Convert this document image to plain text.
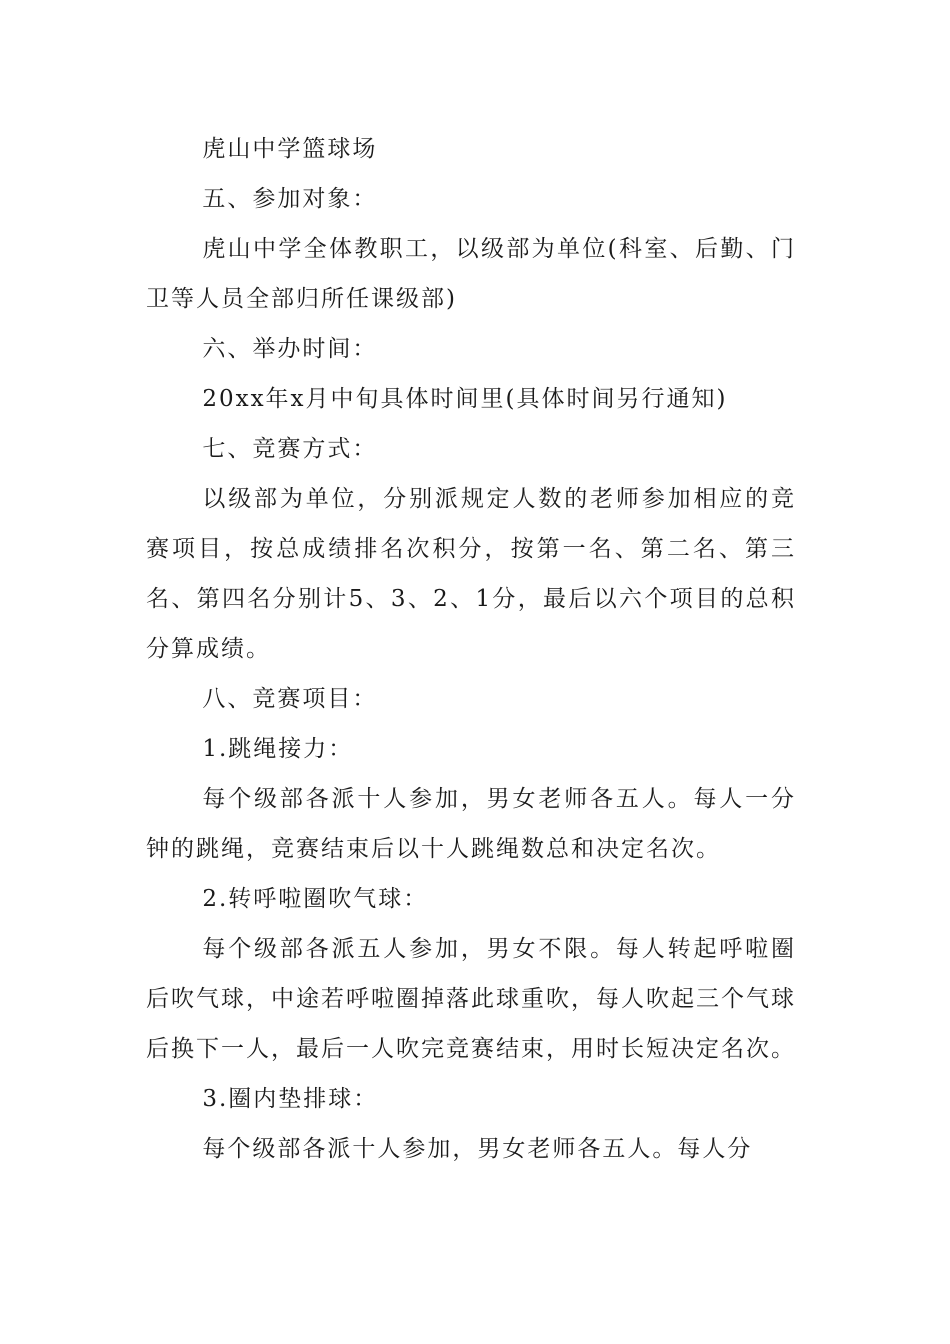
虎山中学篮球场

五、参加对象：

虎山中学全体教职工，以级部为单位(科室、后勤、门卫等人员全部归所任课级部)

六、举办时间：

20xx年x月中旬具体时间里(具体时间另行通知)

七、竞赛方式：

以级部为单位，分别派规定人数的老师参加相应的竞赛项目，按总成绩排名次积分，按第一名、第二名、第三名、第四名分别计5、3、2、1分，最后以六个项目的总积分算成绩。

八、竞赛项目：

1.跳绳接力：

每个级部各派十人参加，男女老师各五人。每人一分钟的跳绳，竞赛结束后以十人跳绳数总和决定名次。

2.转呼啦圈吹气球：

每个级部各派五人参加，男女不限。每人转起呼啦圈后吹气球，中途若呼啦圈掉落此球重吹，每人吹起三个气球后换下一人，最后一人吹完竞赛结束，用时长短决定名次。

3.圈内垫排球：

每个级部各派十人参加，男女老师各五人。每人分
